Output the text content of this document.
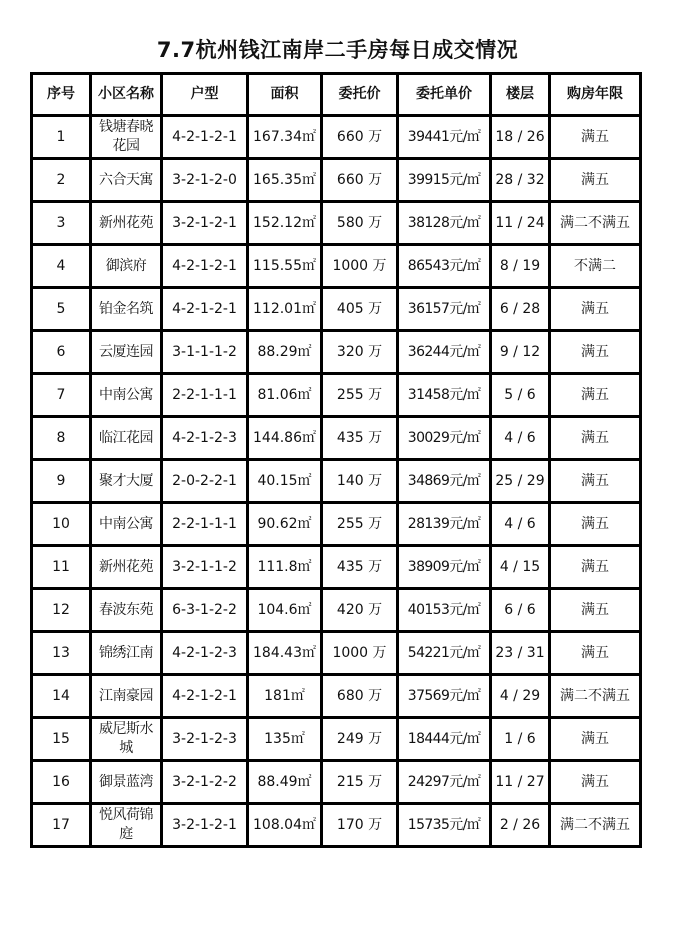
7.7杭州钱江南岸二手房每日成交情况
序号	小区名称	户型	面积	委托价	委托单价	楼层	购房年限
1	钱塘春晓花园	4-2-1-2-1	167.34㎡	660 万	39441元/㎡	18 / 26	满五
2	六合天寓	3-2-1-2-0	165.35㎡	660 万	39915元/㎡	28 / 32	满五
3	新州花苑	3-2-1-2-1	152.12㎡	580 万	38128元/㎡	11 / 24	满二不满五
4	御滨府	4-2-1-2-1	115.55㎡	1000 万	86543元/㎡	8 / 19	不满二
5	铂金名筑	4-2-1-2-1	112.01㎡	405 万	36157元/㎡	6 / 28	满五
6	云厦连园	3-1-1-1-2	88.29㎡	320 万	36244元/㎡	9 / 12	满五
7	中南公寓	2-2-1-1-1	81.06㎡	255 万	31458元/㎡	5 / 6	满五
8	临江花园	4-2-1-2-3	144.86㎡	435 万	30029元/㎡	4 / 6	满五
9	聚才大厦	2-0-2-2-1	40.15㎡	140 万	34869元/㎡	25 / 29	满五
10	中南公寓	2-2-1-1-1	90.62㎡	255 万	28139元/㎡	4 / 6	满五
11	新州花苑	3-2-1-1-2	111.8㎡	435 万	38909元/㎡	4 / 15	满五
12	春波东苑	6-3-1-2-2	104.6㎡	420 万	40153元/㎡	6 / 6	满五
13	锦绣江南	4-2-1-2-3	184.43㎡	1000 万	54221元/㎡	23 / 31	满五
14	江南豪园	4-2-1-2-1	181㎡	680 万	37569元/㎡	4 / 29	满二不满五
15	威尼斯水城	3-2-1-2-3	135㎡	249 万	18444元/㎡	1 / 6	满五
16	御景蓝湾	3-2-1-2-2	88.49㎡	215 万	24297元/㎡	11 / 27	满五
17	悦风荷锦庭	3-2-1-2-1	108.04㎡	170 万	15735元/㎡	2 / 26	满二不满五
